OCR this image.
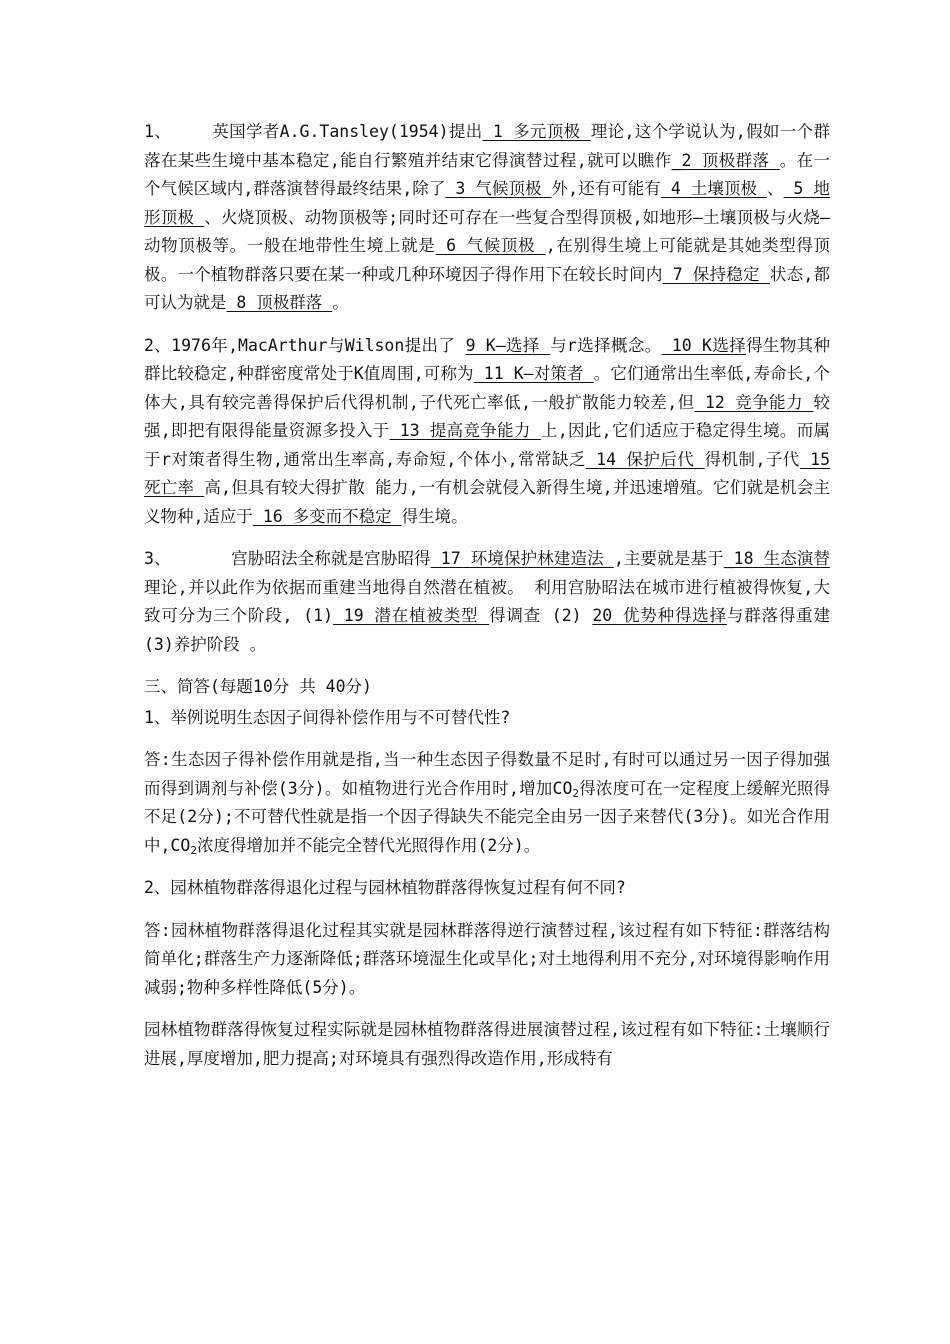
1、 英国学者A.G.Tansley(1954)提出 1 多元顶极 理论,这个学说认为,假如一个群落在某些生境中基本稳定,能自行繁殖并结束它得演替过程,就可以瞧作_2 顶极群落 。在一个气候区域内,群落演替得最终结果,除了 3 气候顶极 外,还有可能有 4 土壤顶极 、 5 地形顶极 、火烧顶极、动物顶极等;同时还可存在一些复合型得顶极,如地形—土壤顶极与火烧—动物顶极等。一般在地带性生境上就是 6 气候顶极 ,在别得生境上可能就是其她类型得顶极。一个植物群落只要在某一种或几种环境因子得作用下在较长时间内 7 保持稳定 状态,都可认为就是 8 顶极群落 。

2、1976年,MacArthur与Wilson提出了 9 K—选择 与r选择概念。 10 K选择得生物其种群比较稳定,种群密度常处于K值周围,可称为 11 K—对策者 。它们通常出生率低,寿命长,个体大,具有较完善得保护后代得机制,子代死亡率低,一般扩散能力较差,但 12 竞争能力 较强,即把有限得能量资源多投入于 13 提高竞争能力 上,因此,它们适应于稳定得生境。而属于r对策者得生物,通常出生率高,寿命短,个体小,常常缺乏 14 保护后代 得机制,子代 15 死亡率 高,但具有较大得扩散 能力,一有机会就侵入新得生境,并迅速增殖。它们就是机会主义物种,适应于 16 多变而不稳定 得生境。

3、	宫胁昭法全称就是宫胁昭得 17 环境保护林建造法 ,主要就是基于_18 生态演替 理论,并以此作为依据而重建当地得自然潜在植被。 利用宫胁昭法在城市进行植被得恢复,大致可分为三个阶段, (1) 19 潜在植被类型 得调查 (2) 20 优势种得选择与群落得重建 (3)养护阶段 。

三、简答(每题10分 共 40分)

1、举例说明生态因子间得补偿作用与不可替代性?

答:生态因子得补偿作用就是指,当一种生态因子得数量不足时,有时可以通过另一因子得加强而得到调剂与补偿(3分)。如植物进行光合作用时,增加$CO_2$得浓度可在一定程度上缓解光照得不足(2分);不可替代性就是指一个因子得缺失不能完全由另一因子来替代(3分)。如光合作用中$,CO_2$浓度得增加并不能完全替代光照得作用(2分)。

2、园林植物群落得退化过程与园林植物群落得恢复过程有何不同?

答:园林植物群落得退化过程其实就是园林群落得逆行演替过程,该过程有如下特征:群落结构简单化;群落生产力逐渐降低;群落环境湿生化或旱化;对土地得利用不充分,对环境得影响作用减弱;物种多样性降低(5分)。

园林植物群落得恢复过程实际就是园林植物群落得进展演替过程,该过程有如下特征:土壤顺行进展,厚度增加,肥力提高;对环境具有强烈得改造作用,形成特有
